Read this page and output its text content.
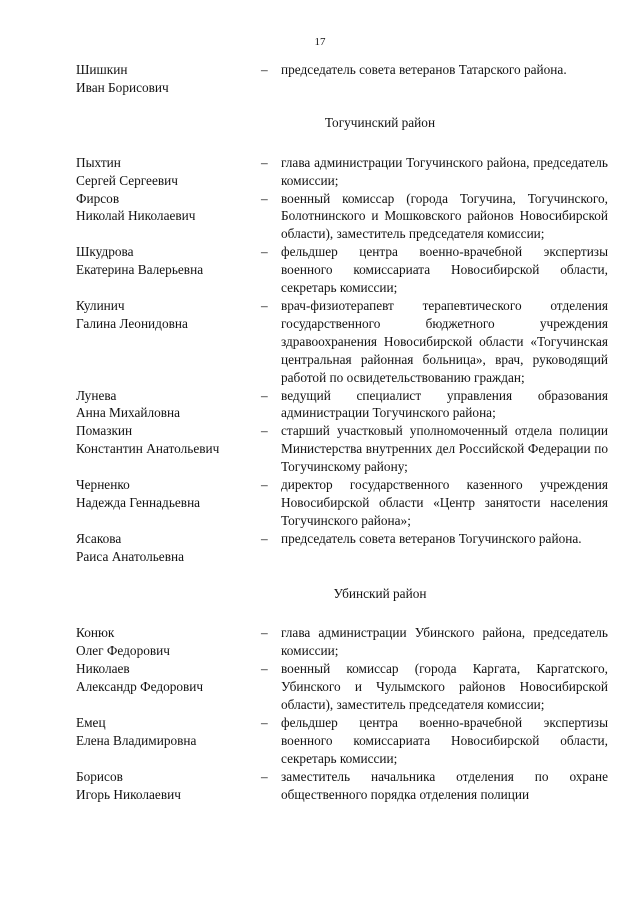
17
Шишкин
Иван Борисович
–	председатель совета ветеранов Татарского района.
Тогучинский район
Пыхтин
Сергей Сергеевич
–	глава администрации Тогучинского района, председатель комиссии;
Фирсов
Николай Николаевич
–	военный комиссар (города Тогучина, Тогучинского, Болотнинского и Мошковского районов Новосибирской области), заместитель председателя комиссии;
Шкудрова
Екатерина Валерьевна
–	фельдшер центра военно-врачебной экспертизы военного комиссариата Новосибирской области, секретарь комиссии;
Кулинич
Галина Леонидовна
–	врач-физиотерапевт терапевтического отделения государственного бюджетного учреждения здравоохранения Новосибирской области «Тогучинская центральная районная больница», врач, руководящий работой по освидетельствованию граждан;
Лунева
Анна Михайловна
–	ведущий специалист управления образования администрации Тогучинского района;
Помазкин
Константин Анатольевич
–	старший участковый уполномоченный отдела полиции Министерства внутренних дел Российской Федерации по Тогучинскому району;
Черненко
Надежда Геннадьевна
–	директор государственного казенного учреждения Новосибирской области «Центр занятости населения Тогучинского района»;
Ясакова
Раиса Анатольевна
–	председатель совета ветеранов Тогучинского района.
Убинский район
Конюк
Олег Федорович
–	глава администрации Убинского района, председатель комиссии;
Николаев
Александр Федорович
–	военный комиссар (города Каргата, Каргатского, Убинского и Чулымского районов Новосибирской области), заместитель председателя комиссии;
Емец
Елена Владимировна
–	фельдшер центра военно-врачебной экспертизы военного комиссариата Новосибирской области, секретарь комиссии;
Борисов
Игорь Николаевич
–	заместитель начальника отделения по охране общественного порядка отделения полиции
